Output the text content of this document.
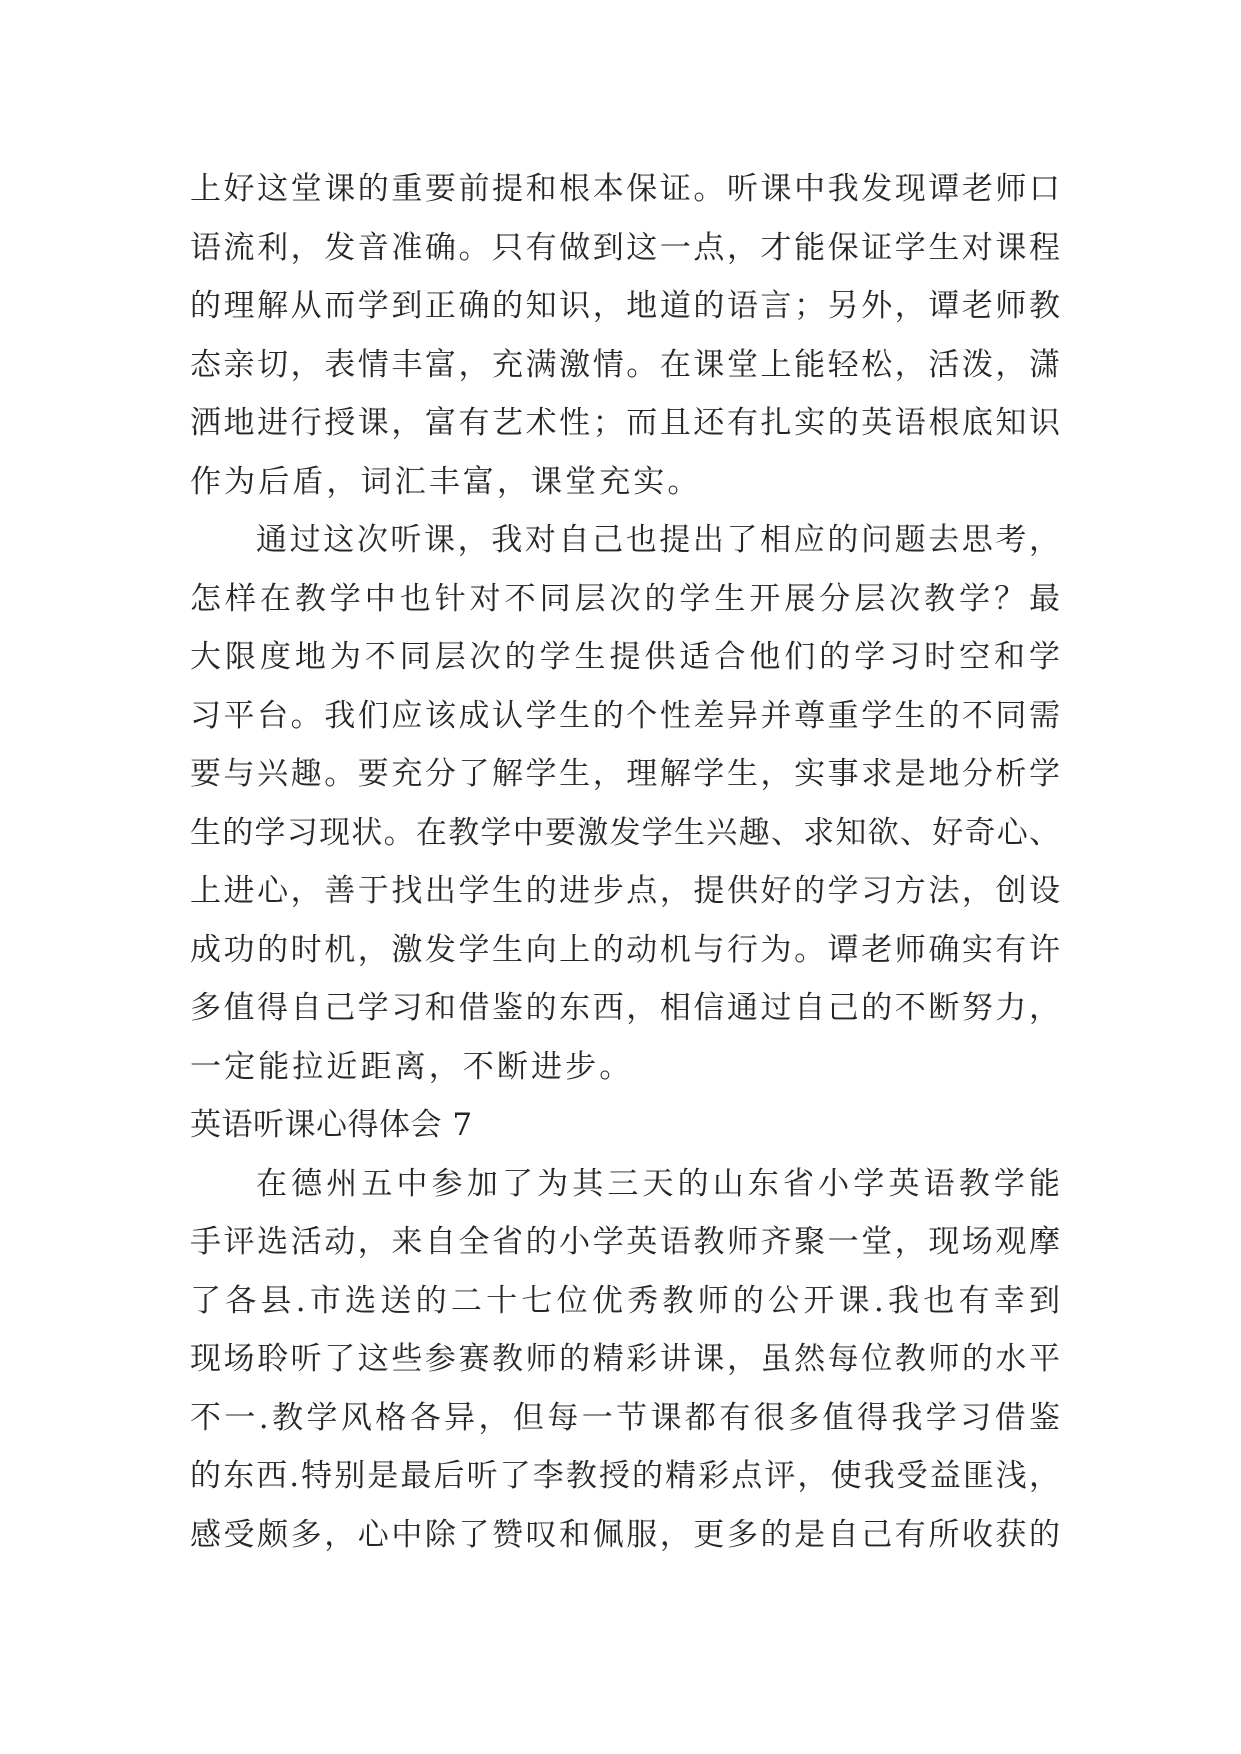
上好这堂课的重要前提和根本保证。听课中我发现谭老师口
语流利，发音准确。只有做到这一点，才能保证学生对课程
的理解从而学到正确的知识，地道的语言；另外，谭老师教
态亲切，表情丰富，充满激情。在课堂上能轻松，活泼，潇
洒地进行授课，富有艺术性；而且还有扎实的英语根底知识
作为后盾，词汇丰富，课堂充实。
通过这次听课，我对自己也提出了相应的问题去思考，
怎样在教学中也针对不同层次的学生开展分层次教学？最
大限度地为不同层次的学生提供适合他们的学习时空和学
习平台。我们应该成认学生的个性差异并尊重学生的不同需
要与兴趣。要充分了解学生，理解学生，实事求是地分析学
生的学习现状。在教学中要激发学生兴趣、求知欲、好奇心、
上进心，善于找出学生的进步点，提供好的学习方法，创设
成功的时机，激发学生向上的动机与行为。谭老师确实有许
多值得自己学习和借鉴的东西，相信通过自己的不断努力，
一定能拉近距离，不断进步。
英语听课心得体会 7
在德州五中参加了为其三天的山东省小学英语教学能
手评选活动，来自全省的小学英语教师齐聚一堂，现场观摩
了各县.市选送的二十七位优秀教师的公开课.我也有幸到
现场聆听了这些参赛教师的精彩讲课，虽然每位教师的水平
不一.教学风格各异，但每一节课都有很多值得我学习借鉴
的东西.特别是最后听了李教授的精彩点评，使我受益匪浅，
感受颇多，心中除了赞叹和佩服，更多的是自己有所收获的
